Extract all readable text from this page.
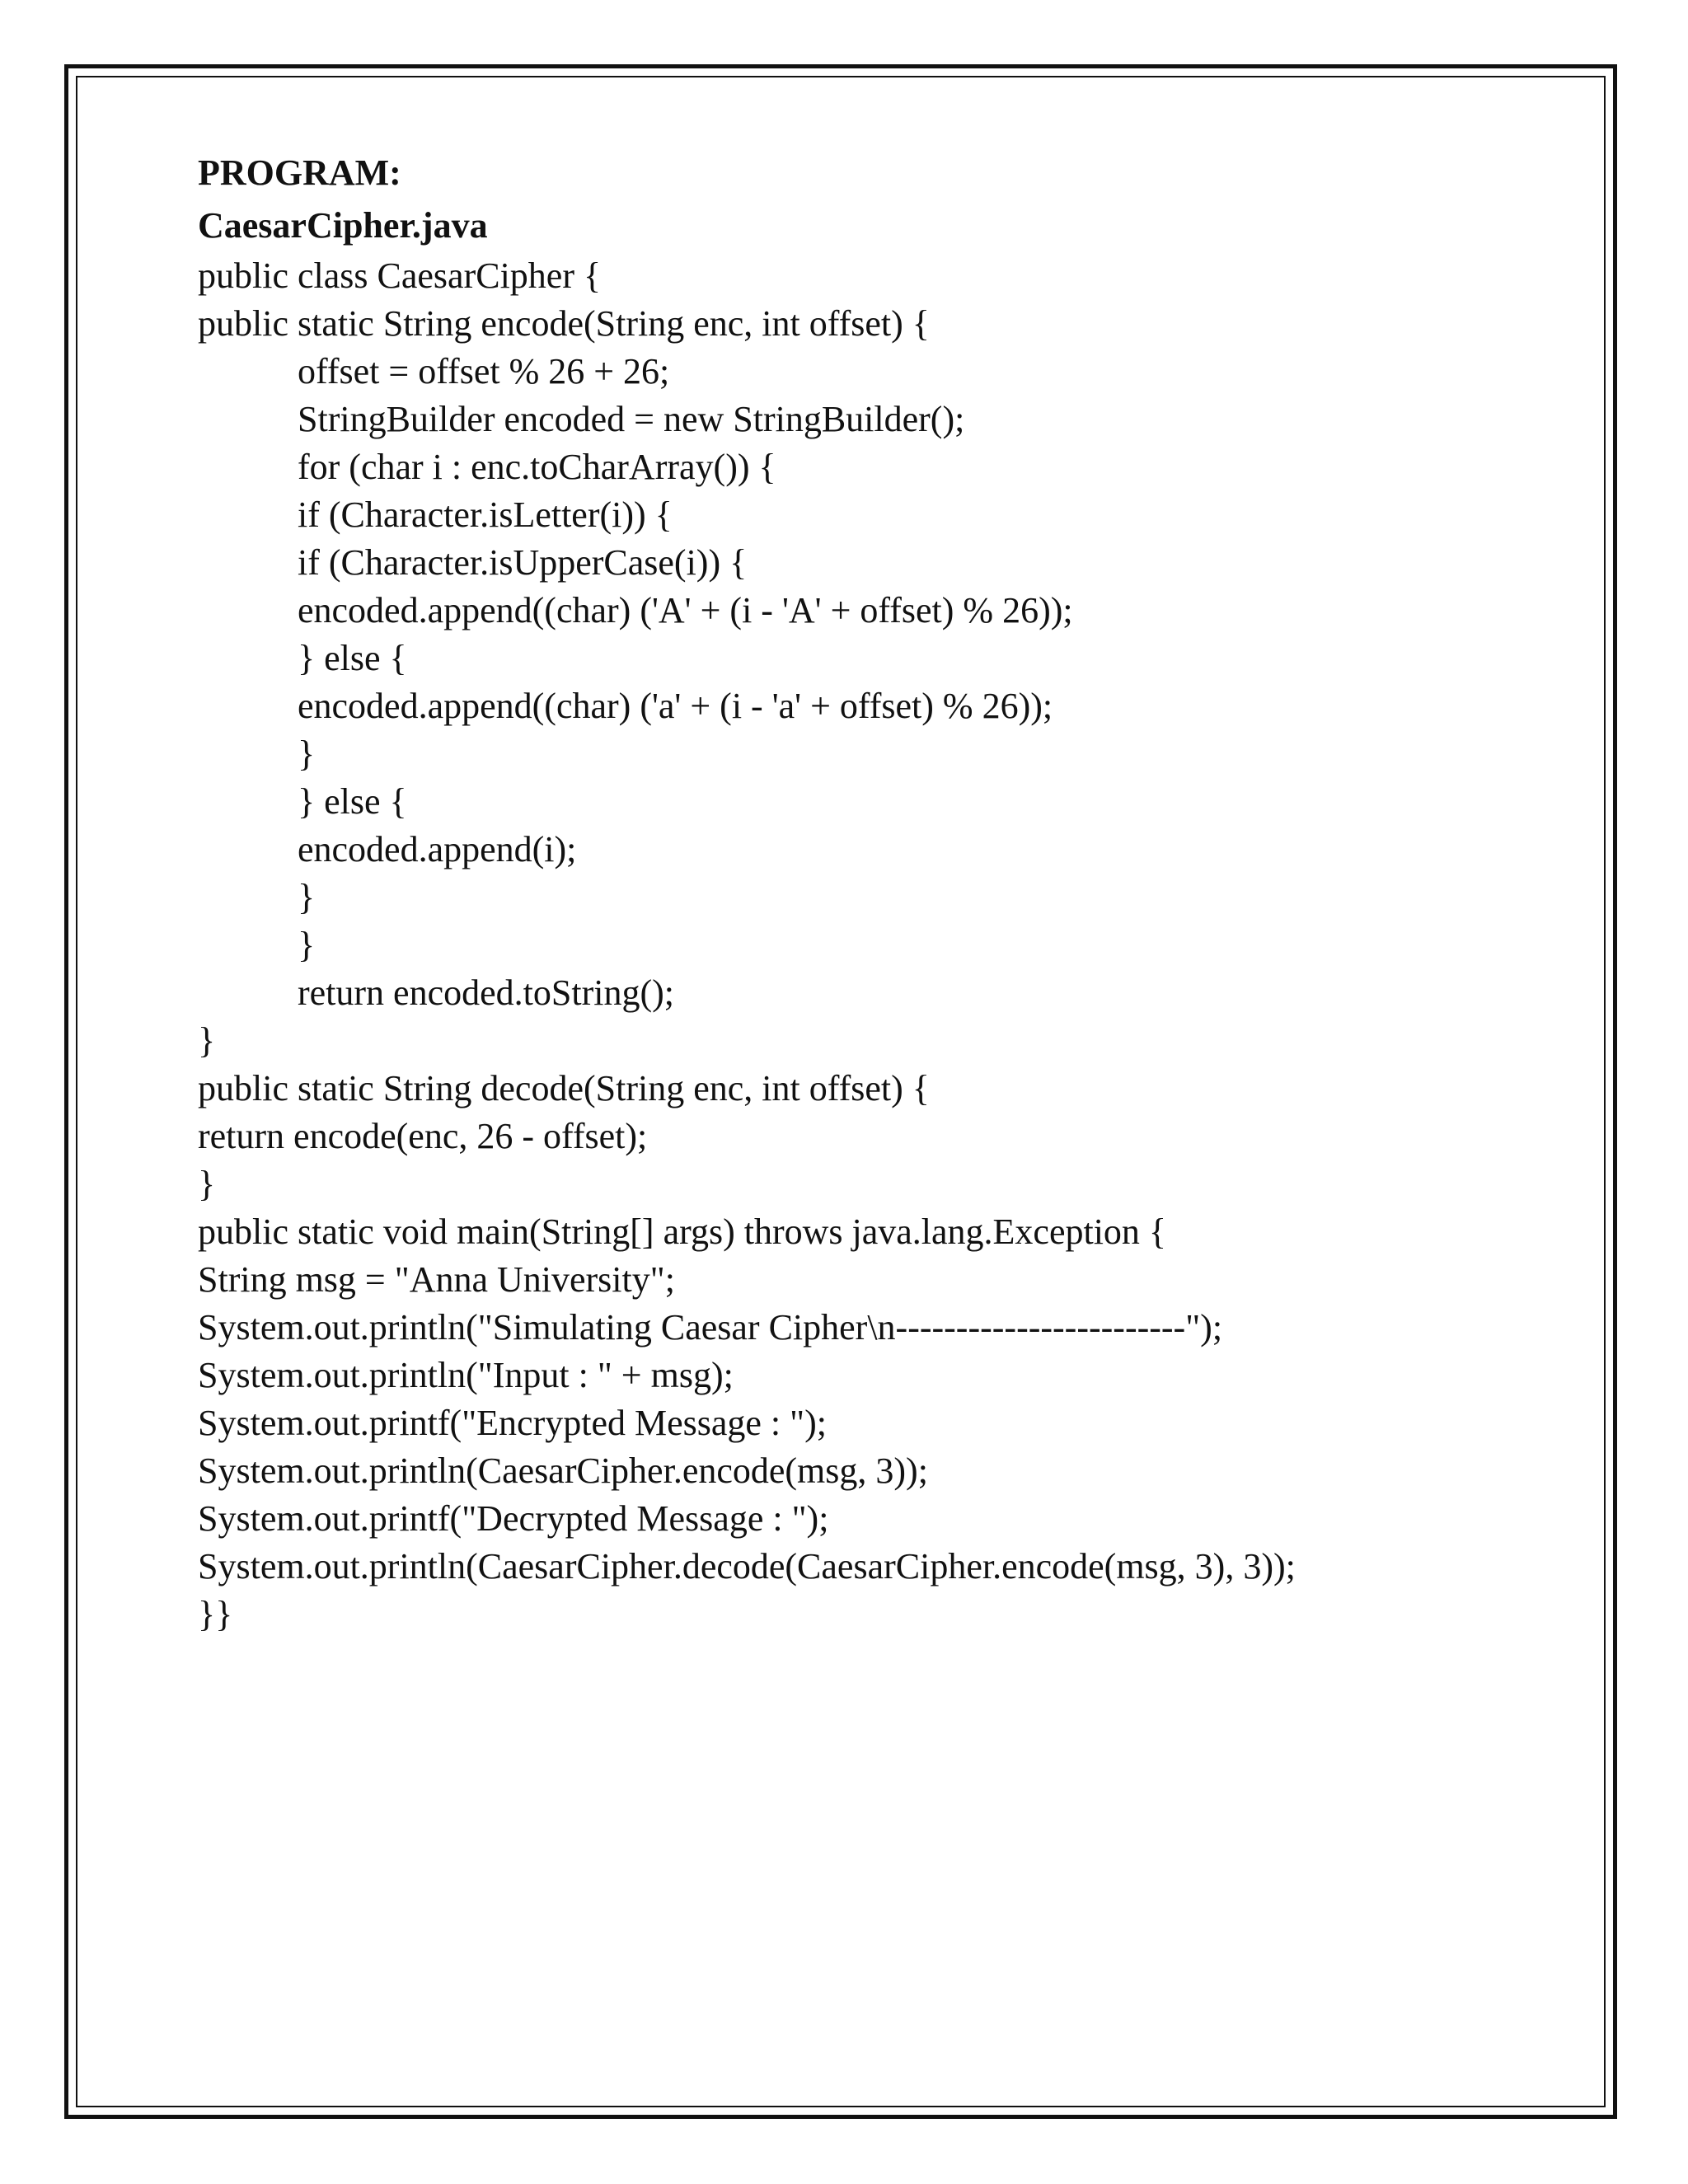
PROGRAM:
CaesarCipher.java
public class CaesarCipher {
public static String encode(String enc, int offset) {
offset = offset % 26 + 26;
StringBuilder encoded = new StringBuilder();
for (char i : enc.toCharArray()) {
if (Character.isLetter(i)) {
if (Character.isUpperCase(i)) {
encoded.append((char) ('A' + (i - 'A' + offset) % 26));
} else {
encoded.append((char) ('a' + (i - 'a' + offset) % 26));
}
} else {
encoded.append(i);
}
}
return encoded.toString();
}
public static String decode(String enc, int offset) {
return encode(enc, 26 - offset);
}
public static void main(String[] args) throws java.lang.Exception {
String msg = "Anna University";
System.out.println("Simulating Caesar Cipher\n------------------------");
System.out.println("Input : " + msg);
System.out.printf("Encrypted Message : ");
System.out.println(CaesarCipher.encode(msg, 3));
System.out.printf("Decrypted Message : ");
System.out.println(CaesarCipher.decode(CaesarCipher.encode(msg, 3), 3));
}}
